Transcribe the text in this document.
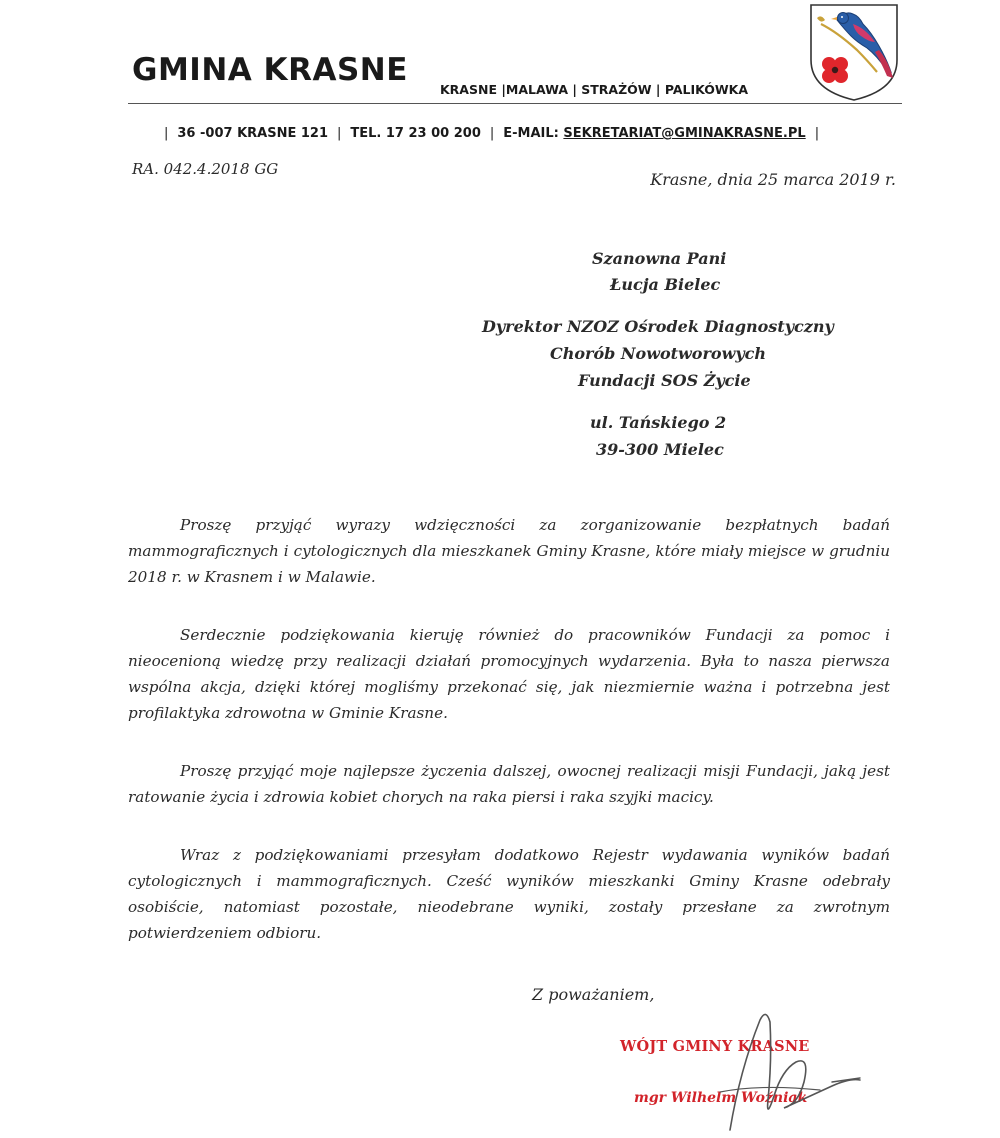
GMINA KRASNE
KRASNE |MALAWA | STRAŻÓW | PALIKÓWKA
| 36 -007 KRASNE 121 | TEL. 17 23 00 200 | E-MAIL: SEKRETARIAT@GMINAKRASNE.PL |
RA. 042.4.2018 GG
Krasne, dnia 25 marca 2019 r.
Szanowna Pani
Łucja Bielec
Dyrektor NZOZ Ośrodek Diagnostyczny
Chorób Nowotworowych
Fundacji SOS Życie
ul. Tańskiego 2
39-300 Mielec

Proszę przyjąć wyrazy wdzięczności za zorganizowanie bezpłatnych badań mammograficznych i cytologicznych dla mieszkanek Gminy Krasne, które miały miejsce w grudniu 2018 r. w Krasnem i w Malawie.

Serdecznie podziękowania kieruję również do pracowników Fundacji za pomoc i nieocenioną wiedzę przy realizacji działań promocyjnych wydarzenia. Była to nasza pierwsza wspólna akcja, dzięki której mogliśmy przekonać się, jak niezmiernie ważna i potrzebna jest profilaktyka zdrowotna w Gminie Krasne.

Proszę przyjąć moje najlepsze życzenia dalszej, owocnej realizacji misji Fundacji, jaką jest ratowanie życia i zdrowia kobiet chorych na raka piersi i raka szyjki macicy.

Wraz z podziękowaniami przesyłam dodatkowo Rejestr wydawania wyników badań cytologicznych i mammograficznych. Cześć wyników mieszkanki Gminy Krasne odebrały osobiście, natomiast pozostałe, nieodebrane wyniki, zostały przesłane za zwrotnym potwierdzeniem odbioru.

Z poważaniem,
WÓJT GMINY KRASNE
mgr Wilhelm Woźniak
